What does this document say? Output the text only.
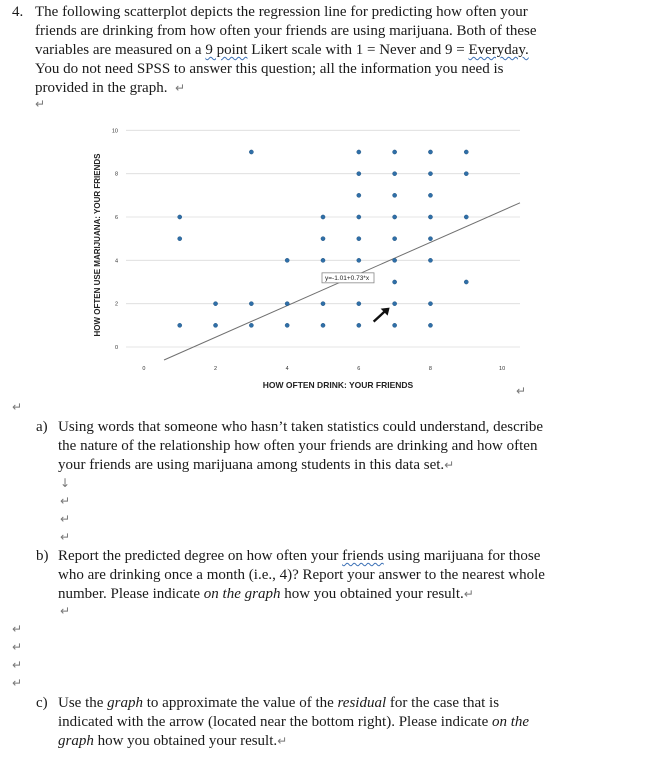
4. The following scatterplot depicts the regression line for predicting how often your

friends are drinking from how often your friends are using marijuana. Both of these

variables are measured on a 9 point Likert scale with 1 = Never and 9 = Everyday.

You do not need SPSS to answer this question; all the information you need is

provided in the graph. ↵

↵
0
2
4
6
8
10
0	2	4	6	8	10
y=-1.01+0.73*x
HOW OFTEN USE MARIJUANA: YOUR FRIENDS
HOW OFTEN DRINK: YOUR FRIENDS	↵
↵
a) Using words that someone who hasn’t taken statistics could understand, describe
the nature of the relationship how often your friends are drinking and how often
your friends are using marijuana among students in this data set.↵
↓
↵
↵
↵
b) Report the predicted degree on how often your friends using marijuana for those
who are drinking once a month (i.e., 4)? Report your answer to the nearest whole
number. Please indicate on the graph how you obtained your result.↵
↵
↵
↵
↵
↵
c) Use the graph to approximate the value of the residual for the case that is
indicated with the arrow (located near the bottom right). Please indicate on the
graph how you obtained your result.↵
